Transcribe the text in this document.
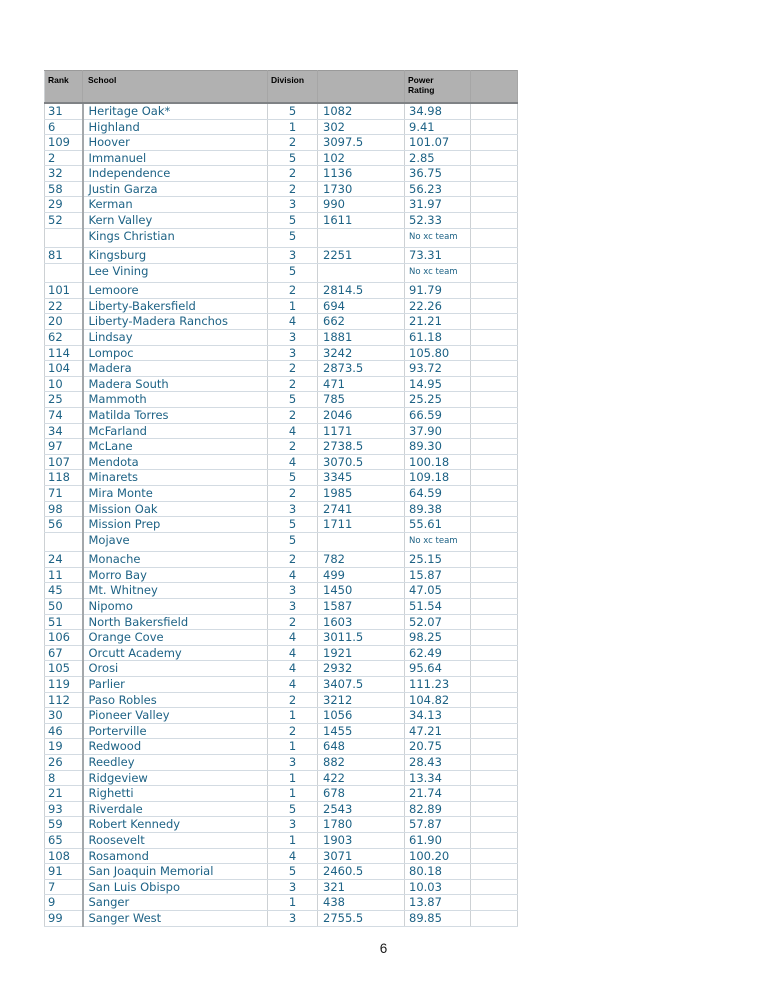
Rank	School	Division		Power Rating	

31	Heritage Oak*	5	1082	34.98	
6	Highland	1	302	9.41	
109	Hoover	2	3097.5	101.07	
2	Immanuel	5	102	2.85	
32	Independence	2	1136	36.75	
58	Justin Garza	2	1730	56.23	
29	Kerman	3	990	31.97	
52	Kern Valley	5	1611	52.33	
	Kings Christian	5		No xc team	
81	Kingsburg	3	2251	73.31	
	Lee Vining	5		No xc team	
101	Lemoore	2	2814.5	91.79	
22	Liberty-Bakersfield	1	694	22.26	
20	Liberty-Madera Ranchos	4	662	21.21	
62	Lindsay	3	1881	61.18	
114	Lompoc	3	3242	105.80	
104	Madera	2	2873.5	93.72	
10	Madera South	2	471	14.95	
25	Mammoth	5	785	25.25	
74	Matilda Torres	2	2046	66.59	
34	McFarland	4	1171	37.90	
97	McLane	2	2738.5	89.30	
107	Mendota	4	3070.5	100.18	
118	Minarets	5	3345	109.18	
71	Mira Monte	2	1985	64.59	
98	Mission Oak	3	2741	89.38	
56	Mission Prep	5	1711	55.61	
	Mojave	5		No xc team	
24	Monache	2	782	25.15	
11	Morro Bay	4	499	15.87	
45	Mt. Whitney	3	1450	47.05	
50	Nipomo	3	1587	51.54	
51	North Bakersfield	2	1603	52.07	
106	Orange Cove	4	3011.5	98.25	
67	Orcutt Academy	4	1921	62.49	
105	Orosi	4	2932	95.64	
119	Parlier	4	3407.5	111.23	
112	Paso Robles	2	3212	104.82	
30	Pioneer Valley	1	1056	34.13	
46	Porterville	2	1455	47.21	
19	Redwood	1	648	20.75	
26	Reedley	3	882	28.43	
8	Ridgeview	1	422	13.34	
21	Righetti	1	678	21.74	
93	Riverdale	5	2543	82.89	
59	Robert Kennedy	3	1780	57.87	
65	Roosevelt	1	1903	61.90	
108	Rosamond	4	3071	100.20	
91	San Joaquin Memorial	5	2460.5	80.18	
7	San Luis Obispo	3	321	10.03	
9	Sanger	1	438	13.87	
99	Sanger West	3	2755.5	89.85	
6
